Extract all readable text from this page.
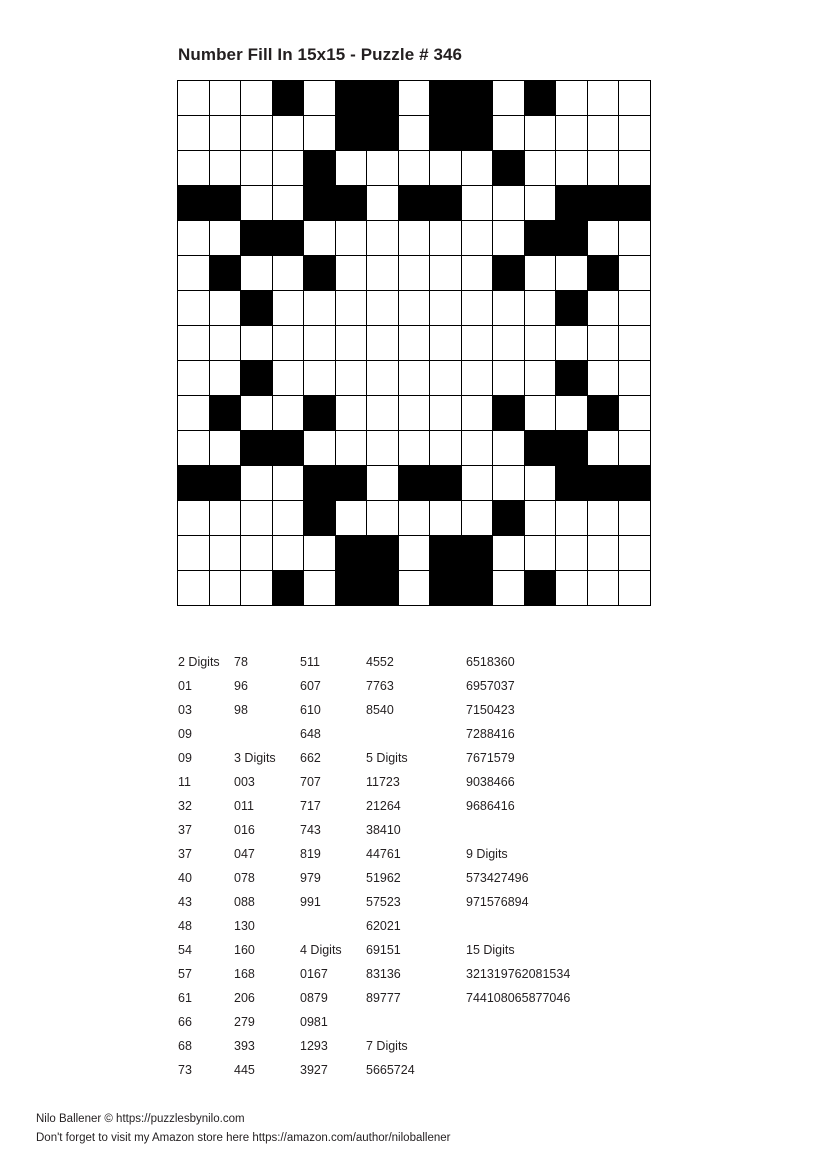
Number Fill In 15x15 - Puzzle # 346
2 Digits
01
03
09
09
11
32
37
37
40
43
48
54
57
61
66
68
73
78
96
98
3 Digits
003
011
016
047
078
088
130
160
168
206
279
393
445
511
607
610
648
662
707
717
743
819
979
991
4 Digits
0167
0879
0981
1293
3927
4552
7763
8540
5 Digits
11723
21264
38410
44761
51962
57523
62021
69151
83136
89777
7 Digits
5665724
6518360
6957037
7150423
7288416
7671579
9038466
9686416
9 Digits
573427496
971576894
15 Digits
321319762081534
744108065877046
Nilo Ballener © https://puzzlesbynilo.com
Don't forget to visit my Amazon store here https://amazon.com/author/niloballener
